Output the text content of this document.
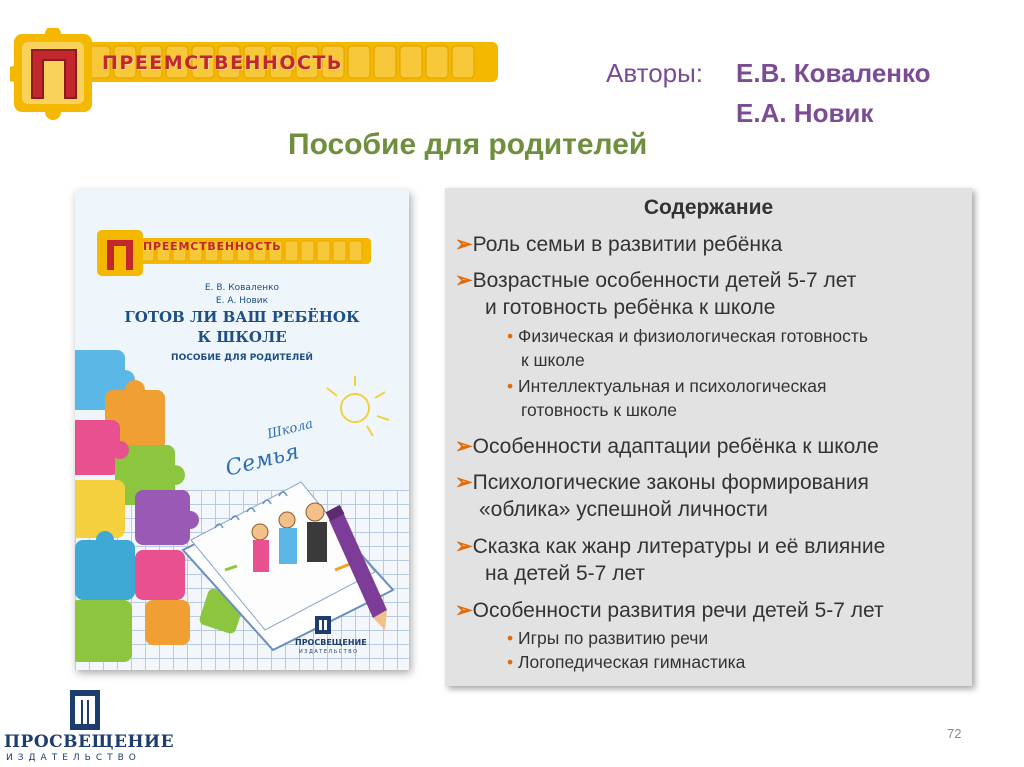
ПРЕЕМСТВЕННОСТЬ	Авторы: Е.В. Коваленко
Е.А. Новик
Пособие для родителей
ПРЕЕМСТВЕННОСТЬ
Е. В. Коваленко
Е. А. Новик
ГОТОВ ЛИ ВАШ РЕБЁНОК
К ШКОЛЕ
ПОСОБИЕ ДЛЯ РОДИТЕЛЕЙ
Школа
Семья
ПРОСВЕЩЕНИЕ
ИЗДАТЕЛЬСТВО
Содержание
➢Роль семьи в развитии ребёнка
➢Возрастные особенности детей 5-7 лет
и готовность ребёнка к школе
• Физическая и физиологическая готовность
к школе
• Интеллектуальная и психологическая
готовность к школе
➢Особенности адаптации ребёнка к школе
➢Психологические законы формирования
«облика» успешной личности
➢Сказка как жанр литературы и её влияние
на детей 5-7 лет
➢Особенности развития речи детей 5-7 лет
• Игры по развитию речи
• Логопедическая гимнастика
ПРОСВЕЩЕНИЕ
ИЗДАТЕЛЬСТВО
72
